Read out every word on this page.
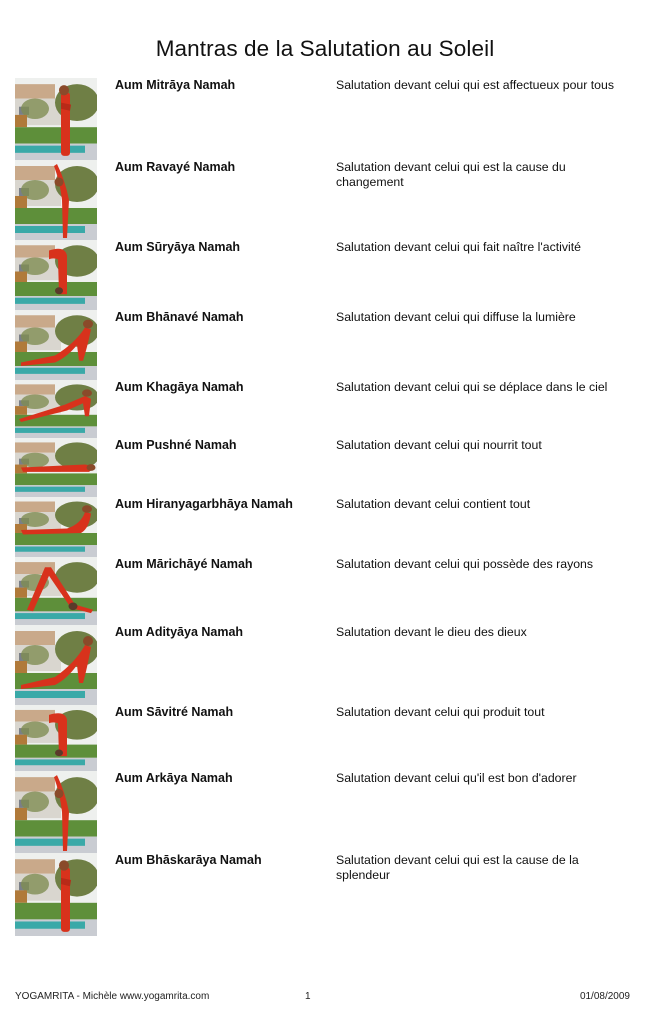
Mantras de la Salutation au Soleil
Aum Mitrāya Namah	Salutation devant celui qui est affectueux pour tous
Aum Ravayé Namah	Salutation devant celui qui est la cause du changement
Aum Sūryāya Namah	Salutation devant celui qui fait naître l'activité
Aum Bhānavé Namah	Salutation devant celui qui diffuse la lumière
Aum Khagāya Namah	Salutation devant celui qui se déplace dans le ciel
Aum Pushné Namah	Salutation devant celui qui nourrit tout
Aum Hiranyagarbhāya Namah	Salutation devant celui contient tout
Aum Mārichāyé Namah	Salutation devant celui qui possède des rayons
Aum Adityāya Namah	Salutation devant le dieu des dieux
Aum Sāvitré Namah	Salutation devant celui qui produit tout
Aum Arkāya Namah	Salutation devant celui qu'il est bon d'adorer
Aum Bhāskarāya Namah	Salutation devant celui qui est la cause de la splendeur
YOGAMRITA - Michèle www.yogamrita.com	1	01/08/2009
